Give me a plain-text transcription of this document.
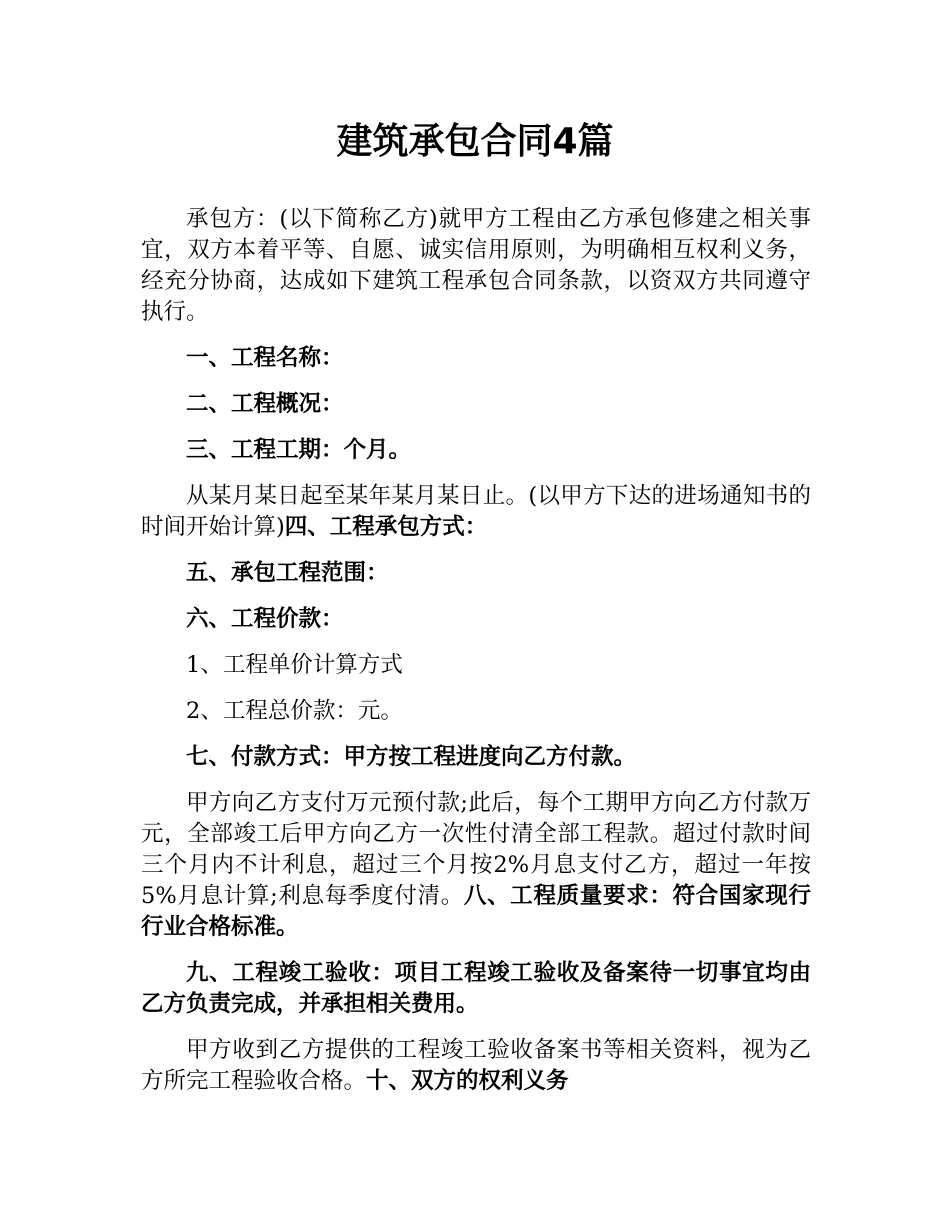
建筑承包合同4篇

承包方：(以下简称乙方)就甲方工程由乙方承包修建之相关事宜，双方本着平等、自愿、诚实信用原则，为明确相互权利义务，经充分协商，达成如下建筑工程承包合同条款，以资双方共同遵守执行。

一、工程名称：

二、工程概况：

三、工程工期：个月。

从某月某日起至某年某月某日止。(以甲方下达的进场通知书的时间开始计算)四、工程承包方式：

五、承包工程范围：

六、工程价款：

1、工程单价计算方式

2、工程总价款：元。

七、付款方式：甲方按工程进度向乙方付款。

甲方向乙方支付万元预付款;此后，每个工期甲方向乙方付款万元，全部竣工后甲方向乙方一次性付清全部工程款。超过付款时间三个月内不计利息，超过三个月按2%月息支付乙方，超过一年按5%月息计算;利息每季度付清。八、工程质量要求：符合国家现行行业合格标准。

九、工程竣工验收：项目工程竣工验收及备案待一切事宜均由乙方负责完成，并承担相关费用。

甲方收到乙方提供的工程竣工验收备案书等相关资料，视为乙方所完工程验收合格。十、双方的权利义务
